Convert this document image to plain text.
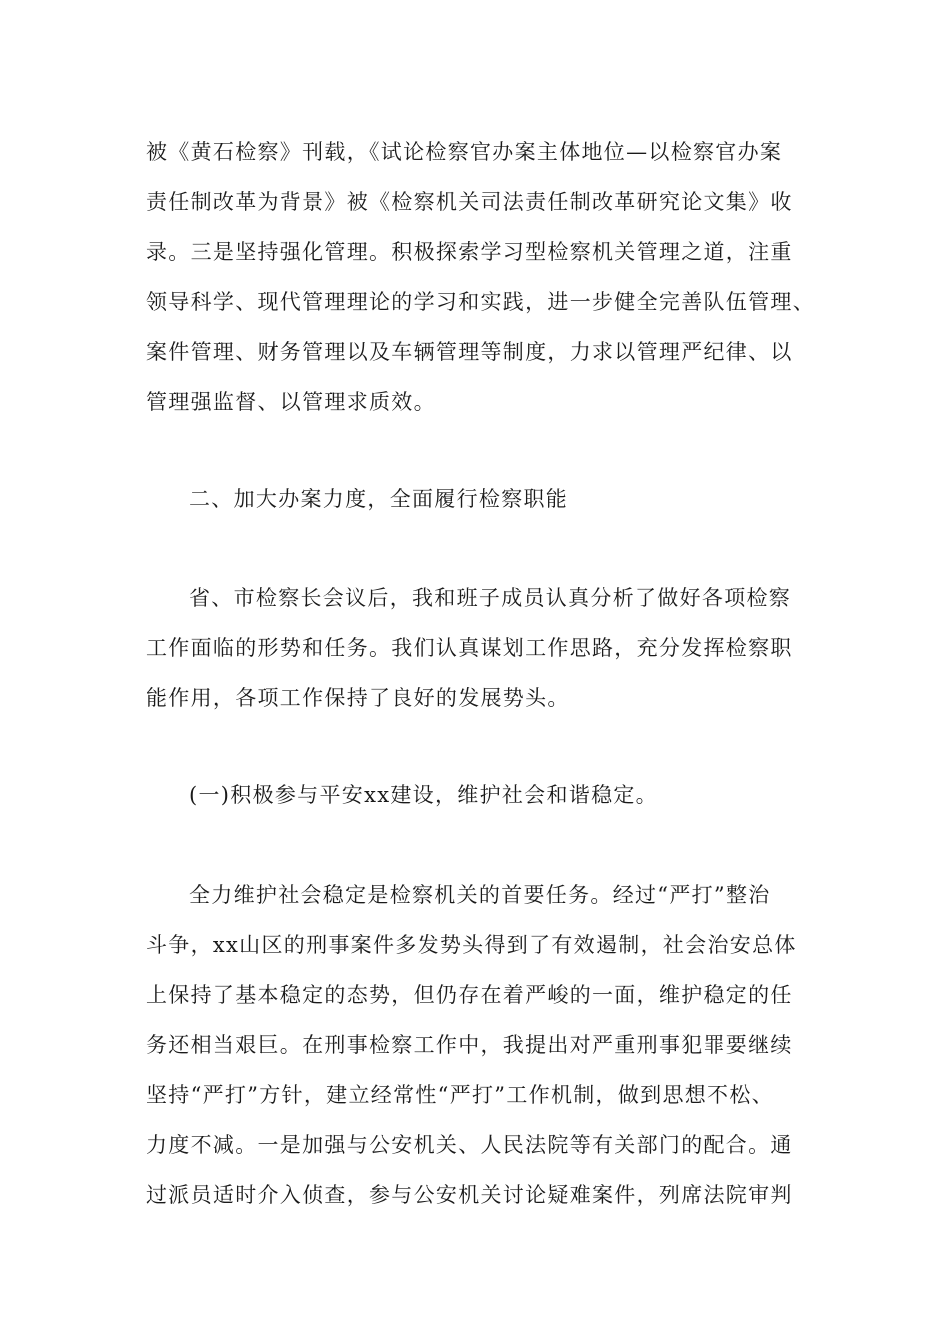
被《黄石检察》刊载，《试论检察官办案主体地位—以检察官办案
责任制改革为背景》被《检察机关司法责任制改革研究论文集》收
录。三是坚持强化管理。积极探索学习型检察机关管理之道，注重
领导科学、现代管理理论的学习和实践，进一步健全完善队伍管理、
案件管理、财务管理以及车辆管理等制度，力求以管理严纪律、以
管理强监督、以管理求质效。
二、加大办案力度，全面履行检察职能
省、市检察长会议后，我和班子成员认真分析了做好各项检察
工作面临的形势和任务。我们认真谋划工作思路，充分发挥检察职
能作用，各项工作保持了良好的发展势头。
(一)积极参与平安xx建设，维护社会和谐稳定。
全力维护社会稳定是检察机关的首要任务。经过“严打”整治
斗争，xx山区的刑事案件多发势头得到了有效遏制，社会治安总体
上保持了基本稳定的态势，但仍存在着严峻的一面，维护稳定的任
务还相当艰巨。在刑事检察工作中，我提出对严重刑事犯罪要继续
坚持“严打”方针，建立经常性“严打”工作机制，做到思想不松、
力度不减。一是加强与公安机关、人民法院等有关部门的配合。通
过派员适时介入侦查，参与公安机关讨论疑难案件，列席法院审判
